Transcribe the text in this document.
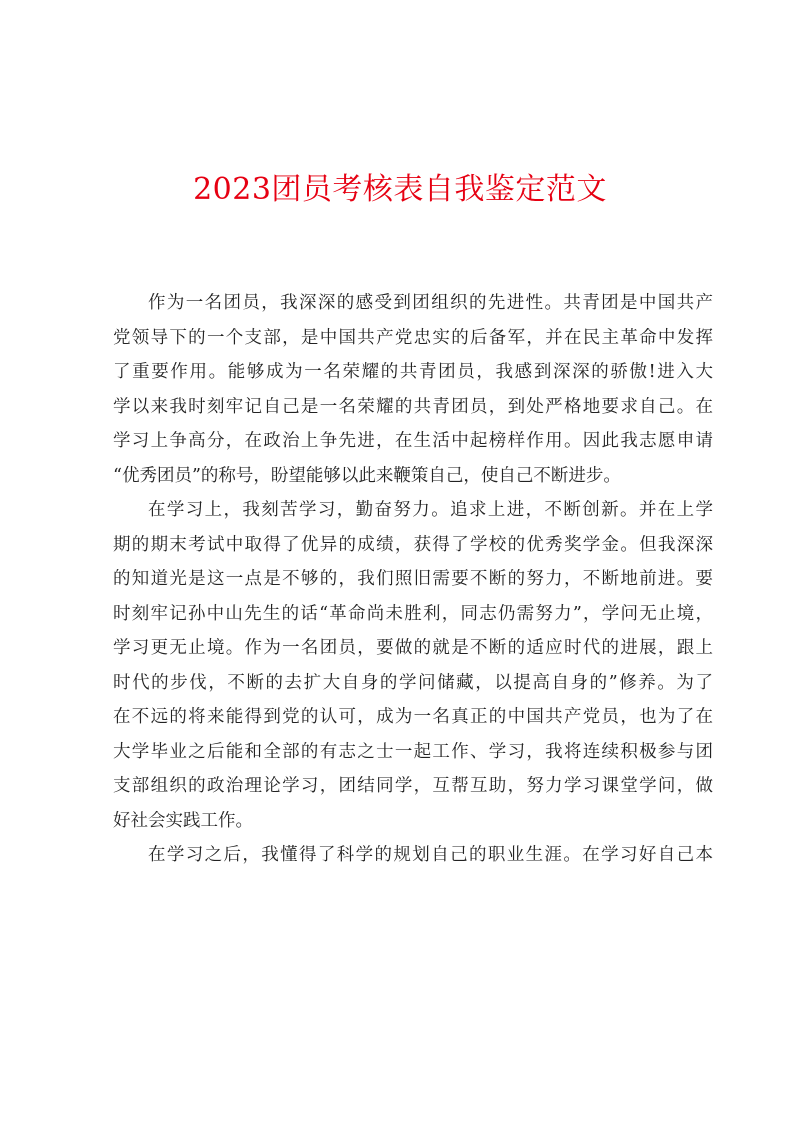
2023团员考核表自我鉴定范文

作为一名团员，我深深的感受到团组织的先进性。共青团是中国共产
党领导下的一个支部，是中国共产党忠实的后备军，并在民主革命中发挥
了重要作用。能够成为一名荣耀的共青团员，我感到深深的骄傲!进入大
学以来我时刻牢记自己是一名荣耀的共青团员，到处严格地要求自己。在
学习上争高分，在政治上争先进，在生活中起榜样作用。因此我志愿申请
“优秀团员”的称号，盼望能够以此来鞭策自己，使自己不断进步。

在学习上，我刻苦学习，勤奋努力。追求上进，不断创新。并在上学
期的期末考试中取得了优异的成绩，获得了学校的优秀奖学金。但我深深
的知道光是这一点是不够的，我们照旧需要不断的努力，不断地前进。要
时刻牢记孙中山先生的话“革命尚未胜利，同志仍需努力”，学问无止境，
学习更无止境。作为一名团员，要做的就是不断的适应时代的进展，跟上
时代的步伐，不断的去扩大自身的学问储藏，以提高自身的”修养。为了
在不远的将来能得到党的认可，成为一名真正的中国共产党员，也为了在
大学毕业之后能和全部的有志之士一起工作、学习，我将连续积极参与团
支部组织的政治理论学习，团结同学，互帮互助，努力学习课堂学问，做
好社会实践工作。

在学习之后，我懂得了科学的规划自己的职业生涯。在学习好自己本
